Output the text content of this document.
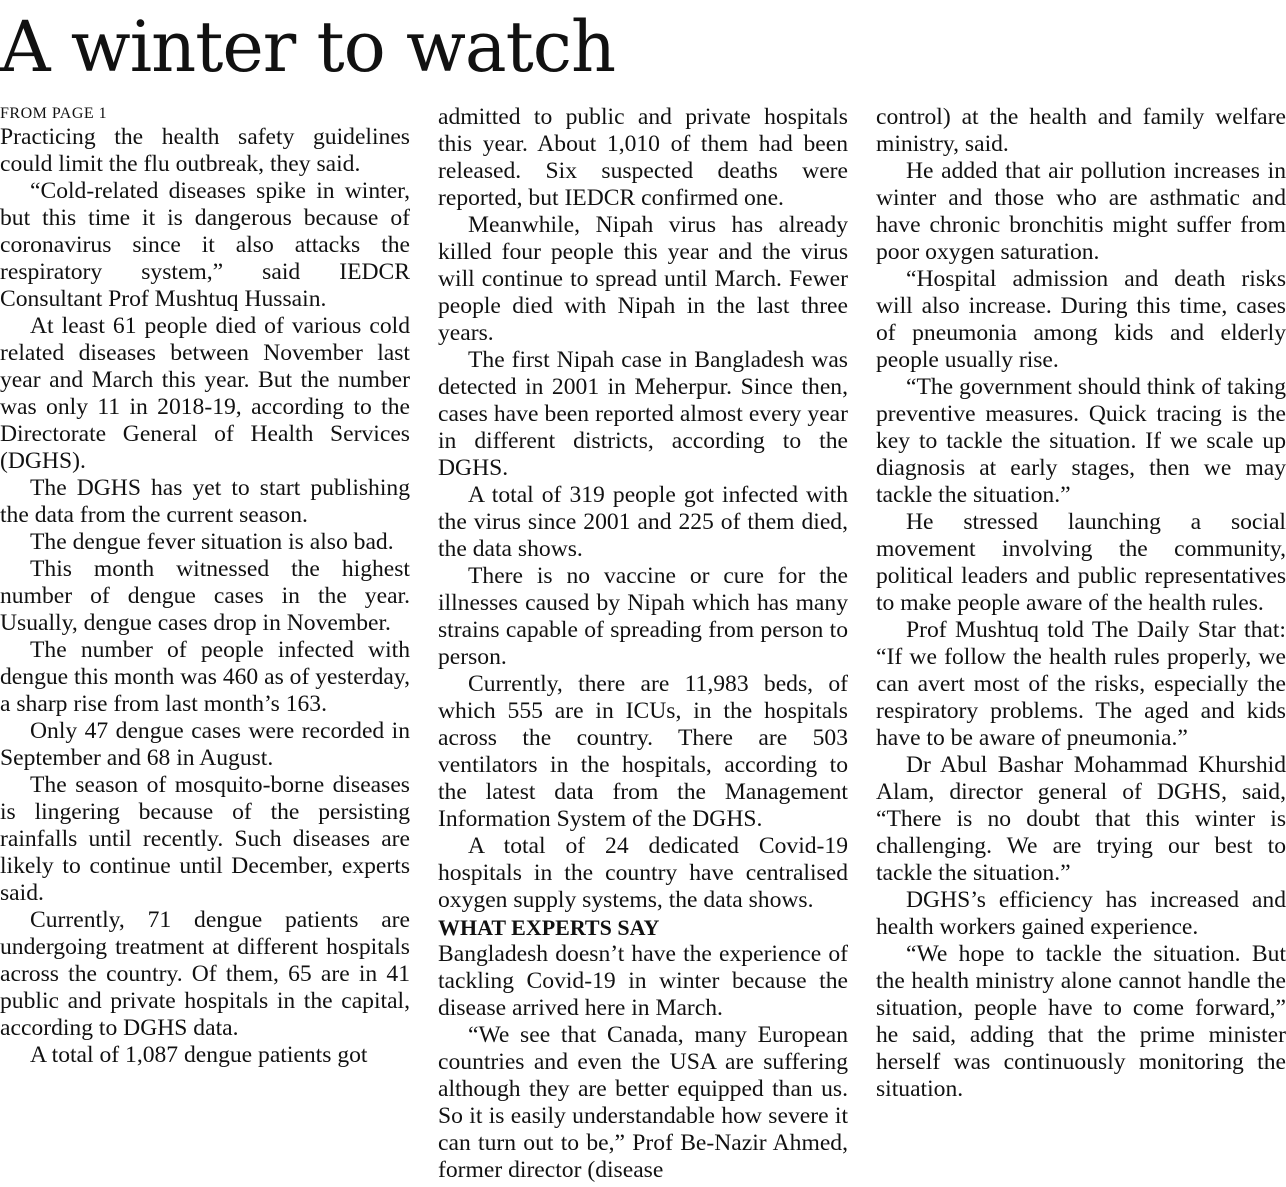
A winter to watch
FROM PAGE 1

Practicing the health safety guidelines could limit the flu outbreak, they said.

“Cold-related diseases spike in winter, but this time it is dangerous because of coronavirus since it also attacks the respiratory system,” said IEDCR Consultant Prof Mushtuq Hussain.

At least 61 people died of various cold related diseases between November last year and March this year. But the number was only 11 in 2018-19, according to the Directorate General of Health Services (DGHS).

The DGHS has yet to start publishing the data from the current season.

The dengue fever situation is also bad.

This month witnessed the highest number of dengue cases in the year. Usually, dengue cases drop in November.

The number of people infected with dengue this month was 460 as of yesterday, a sharp rise from last month’s 163.

Only 47 dengue cases were recorded in September and 68 in August.

The season of mosquito-borne diseases is lingering because of the persisting rainfalls until recently. Such diseases are likely to continue until December, experts said.

Currently, 71 dengue patients are undergoing treatment at different hospitals across the country. Of them, 65 are in 41 public and private hospitals in the capital, according to DGHS data.

A total of 1,087 dengue patients got

admitted to public and private hospitals this year. About 1,010 of them had been released. Six suspected deaths were reported, but IEDCR confirmed one.

Meanwhile, Nipah virus has already killed four people this year and the virus will continue to spread until March. Fewer people died with Nipah in the last three years.

The first Nipah case in Bangladesh was detected in 2001 in Meherpur. Since then, cases have been reported almost every year in different districts, according to the DGHS.

A total of 319 people got infected with the virus since 2001 and 225 of them died, the data shows.

There is no vaccine or cure for the illnesses caused by Nipah which has many strains capable of spreading from person to person.

Currently, there are 11,983 beds, of which 555 are in ICUs, in the hospitals across the country. There are 503 ventilators in the hospitals, according to the latest data from the Management Information System of the DGHS.

A total of 24 dedicated Covid-19 hospitals in the country have centralised oxygen supply systems, the data shows.

WHAT EXPERTS SAY

Bangladesh doesn’t have the experience of tackling Covid-19 in winter because the disease arrived here in March.

“We see that Canada, many European countries and even the USA are suffering although they are better equipped than us. So it is easily understandable how severe it can turn out to be,” Prof Be-Nazir Ahmed, former director (disease

control) at the health and family welfare ministry, said.

He added that air pollution increases in winter and those who are asthmatic and have chronic bronchitis might suffer from poor oxygen saturation.

“Hospital admission and death risks will also increase. During this time, cases of pneumonia among kids and elderly people usually rise.

“The government should think of taking preventive measures. Quick tracing is the key to tackle the situation. If we scale up diagnosis at early stages, then we may tackle the situation.”

He stressed launching a social movement involving the community, political leaders and public representatives to make people aware of the health rules.

Prof Mushtuq told The Daily Star that: “If we follow the health rules properly, we can avert most of the risks, especially the respiratory problems. The aged and kids have to be aware of pneumonia.”

Dr Abul Bashar Mohammad Khurshid Alam, director general of DGHS, said, “There is no doubt that this winter is challenging. We are trying our best to tackle the situation.”

DGHS’s efficiency has increased and health workers gained experience.

“We hope to tackle the situation. But the health ministry alone cannot handle the situation, people have to come forward,” he said, adding that the prime minister herself was continuously monitoring the situation.
